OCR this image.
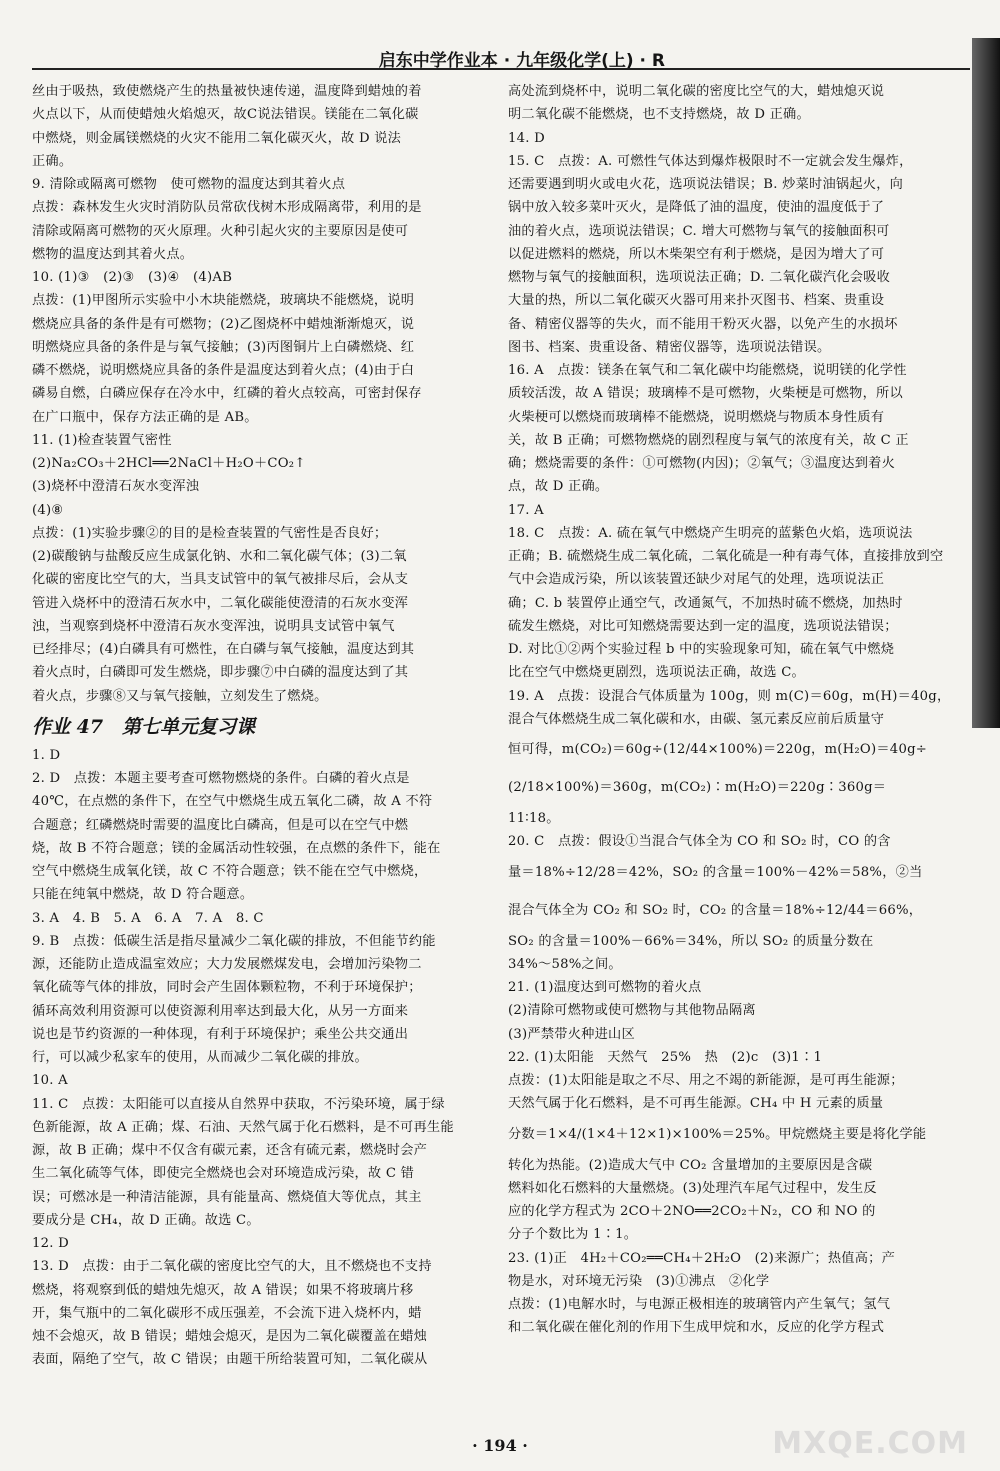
启东中学作业本 · 九年级化学(上) · R
丝由于吸热，致使燃烧产生的热量被快速传递，温度降到蜡烛的着
火点以下，从而使蜡烛火焰熄灭，故C说法错误。镁能在二氧化碳
中燃烧，则金属镁燃烧的火灾不能用二氧化碳灭火，故 D 说法
正确。
9. 清除或隔离可燃物　使可燃物的温度达到其着火点
点拨：森林发生火灾时消防队员常砍伐树木形成隔离带，利用的是
清除或隔离可燃物的灭火原理。火种引起火灾的主要原因是使可
燃物的温度达到其着火点。
10. (1)③　(2)③　(3)④　(4)AB
点拨：(1)甲图所示实验中小木块能燃烧，玻璃块不能燃烧，说明
燃烧应具备的条件是有可燃物；(2)乙图烧杯中蜡烛渐渐熄灭，说
明燃烧应具备的条件是与氧气接触；(3)丙图铜片上白磷燃烧、红
磷不燃烧，说明燃烧应具备的条件是温度达到着火点；(4)由于白
磷易自燃，白磷应保存在冷水中，红磷的着火点较高，可密封保存
在广口瓶中，保存方法正确的是 AB。
11. (1)检查装置气密性
(2)Na₂CO₃＋2HCl══2NaCl＋H₂O＋CO₂↑
(3)烧杯中澄清石灰水变浑浊
(4)⑧
点拨：(1)实验步骤②的目的是检查装置的气密性是否良好；
(2)碳酸钠与盐酸反应生成氯化钠、水和二氧化碳气体；(3)二氧
化碳的密度比空气的大，当具支试管中的氧气被排尽后，会从支
管进入烧杯中的澄清石灰水中，二氧化碳能使澄清的石灰水变浑
浊，当观察到烧杯中澄清石灰水变浑浊，说明具支试管中氧气
已经排尽；(4)白磷具有可燃性，在白磷与氧气接触，温度达到其
着火点时，白磷即可发生燃烧，即步骤⑦中白磷的温度达到了其
着火点，步骤⑧又与氧气接触，立刻发生了燃烧。
作业 47　第七单元复习课
1. D
2. D　点拨：本题主要考查可燃物燃烧的条件。白磷的着火点是
40℃，在点燃的条件下，在空气中燃烧生成五氧化二磷，故 A 不符
合题意；红磷燃烧时需要的温度比白磷高，但是可以在空气中燃
烧，故 B 不符合题意；镁的金属活动性较强，在点燃的条件下，能在
空气中燃烧生成氧化镁，故 C 不符合题意；铁不能在空气中燃烧，
只能在纯氧中燃烧，故 D 符合题意。
3. A　4. B　5. A　6. A　7. A　8. C
9. B　点拨：低碳生活是指尽量减少二氧化碳的排放，不但能节约能
源，还能防止造成温室效应；大力发展燃煤发电，会增加污染物二
氧化硫等气体的排放，同时会产生固体颗粒物，不利于环境保护；
循环高效利用资源可以使资源利用率达到最大化，从另一方面来
说也是节约资源的一种体现，有利于环境保护；乘坐公共交通出
行，可以减少私家车的使用，从而减少二氧化碳的排放。
10. A
11. C　点拨：太阳能可以直接从自然界中获取，不污染环境，属于绿
色新能源，故 A 正确；煤、石油、天然气属于化石燃料，是不可再生能
源，故 B 正确；煤中不仅含有碳元素，还含有硫元素，燃烧时会产
生二氧化硫等气体，即使完全燃烧也会对环境造成污染，故 C 错
误；可燃冰是一种清洁能源，具有能量高、燃烧值大等优点，其主
要成分是 CH₄，故 D 正确。故选 C。
12. D
13. D　点拨：由于二氧化碳的密度比空气的大，且不燃烧也不支持
燃烧，将观察到低的蜡烛先熄灭，故 A 错误；如果不将玻璃片移
开，集气瓶中的二氧化碳形不成压强差，不会流下进入烧杯内，蜡
烛不会熄灭，故 B 错误；蜡烛会熄灭，是因为二氧化碳覆盖在蜡烛
表面，隔绝了空气，故 C 错误；由题干所给装置可知，二氧化碳从
高处流到烧杯中，说明二氧化碳的密度比空气的大，蜡烛熄灭说
明二氧化碳不能燃烧，也不支持燃烧，故 D 正确。
14. D
15. C　点拨：A. 可燃性气体达到爆炸极限时不一定就会发生爆炸，
还需要遇到明火或电火花，选项说法错误；B. 炒菜时油锅起火，向
锅中放入较多菜叶灭火，是降低了油的温度，使油的温度低于了
油的着火点，选项说法错误；C. 增大可燃物与氧气的接触面积可
以促进燃料的燃烧，所以木柴架空有利于燃烧，是因为增大了可
燃物与氧气的接触面积，选项说法正确；D. 二氧化碳汽化会吸收
大量的热，所以二氧化碳灭火器可用来扑灭图书、档案、贵重设
备、精密仪器等的失火，而不能用干粉灭火器，以免产生的水损坏
图书、档案、贵重设备、精密仪器等，选项说法错误。
16. A　点拨：镁条在氧气和二氧化碳中均能燃烧，说明镁的化学性
质较活泼，故 A 错误；玻璃棒不是可燃物，火柴梗是可燃物，所以
火柴梗可以燃烧而玻璃棒不能燃烧，说明燃烧与物质本身性质有
关，故 B 正确；可燃物燃烧的剧烈程度与氧气的浓度有关，故 C 正
确；燃烧需要的条件：①可燃物(内因)；②氧气；③温度达到着火
点，故 D 正确。
17. A
18. C　点拨：A. 硫在氧气中燃烧产生明亮的蓝紫色火焰，选项说法
正确；B. 硫燃烧生成二氧化硫，二氧化硫是一种有毒气体，直接排放到空
气中会造成污染，所以该装置还缺少对尾气的处理，选项说法正
确；C. b 装置停止通空气，改通氮气，不加热时硫不燃烧，加热时
硫发生燃烧，对比可知燃烧需要达到一定的温度，选项说法错误；
D. 对比①②两个实验过程 b 中的实验现象可知，硫在氧气中燃烧
比在空气中燃烧更剧烈，选项说法正确，故选 C。
19. A　点拨：设混合气体质量为 100g，则 m(C)＝60g，m(H)＝40g，
混合气体燃烧生成二氧化碳和水，由碳、氢元素反应前后质量守
恒可得，m(CO₂)＝60g÷(12/44×100%)＝220g，m(H₂O)＝40g÷
(2/18×100%)＝360g，m(CO₂)∶m(H₂O)＝220g∶360g＝
11∶18。
20. C　点拨：假设①当混合气体全为 CO 和 SO₂ 时，CO 的含
量＝18%÷12/28＝42%，SO₂ 的含量＝100%－42%＝58%，②当
混合气体全为 CO₂ 和 SO₂ 时，CO₂ 的含量＝18%÷12/44＝66%，
SO₂ 的含量＝100%－66%＝34%，所以 SO₂ 的质量分数在
34%～58%之间。
21. (1)温度达到可燃物的着火点
(2)清除可燃物或使可燃物与其他物品隔离
(3)严禁带火种进山区
22. (1)太阳能　天然气　25%　热　(2)c　(3)1∶1
点拨：(1)太阳能是取之不尽、用之不竭的新能源，是可再生能源；
天然气属于化石燃料，是不可再生能源。CH₄ 中 H 元素的质量
分数＝1×4/(1×4＋12×1)×100%＝25%。甲烷燃烧主要是将化学能
转化为热能。(2)造成大气中 CO₂ 含量增加的主要原因是含碳
燃料如化石燃料的大量燃烧。(3)处理汽车尾气过程中，发生反
应的化学方程式为 2CO＋2NO══2CO₂＋N₂，CO 和 NO 的
分子个数比为 1∶1。
23. (1)正　4H₂＋CO₂══CH₄＋2H₂O　(2)来源广；热值高；产
物是水，对环境无污染　(3)①沸点　②化学
点拨：(1)电解水时，与电源正极相连的玻璃管内产生氧气；氢气
和二氧化碳在催化剂的作用下生成甲烷和水，反应的化学方程式
· 194 ·	MXQE.COM
